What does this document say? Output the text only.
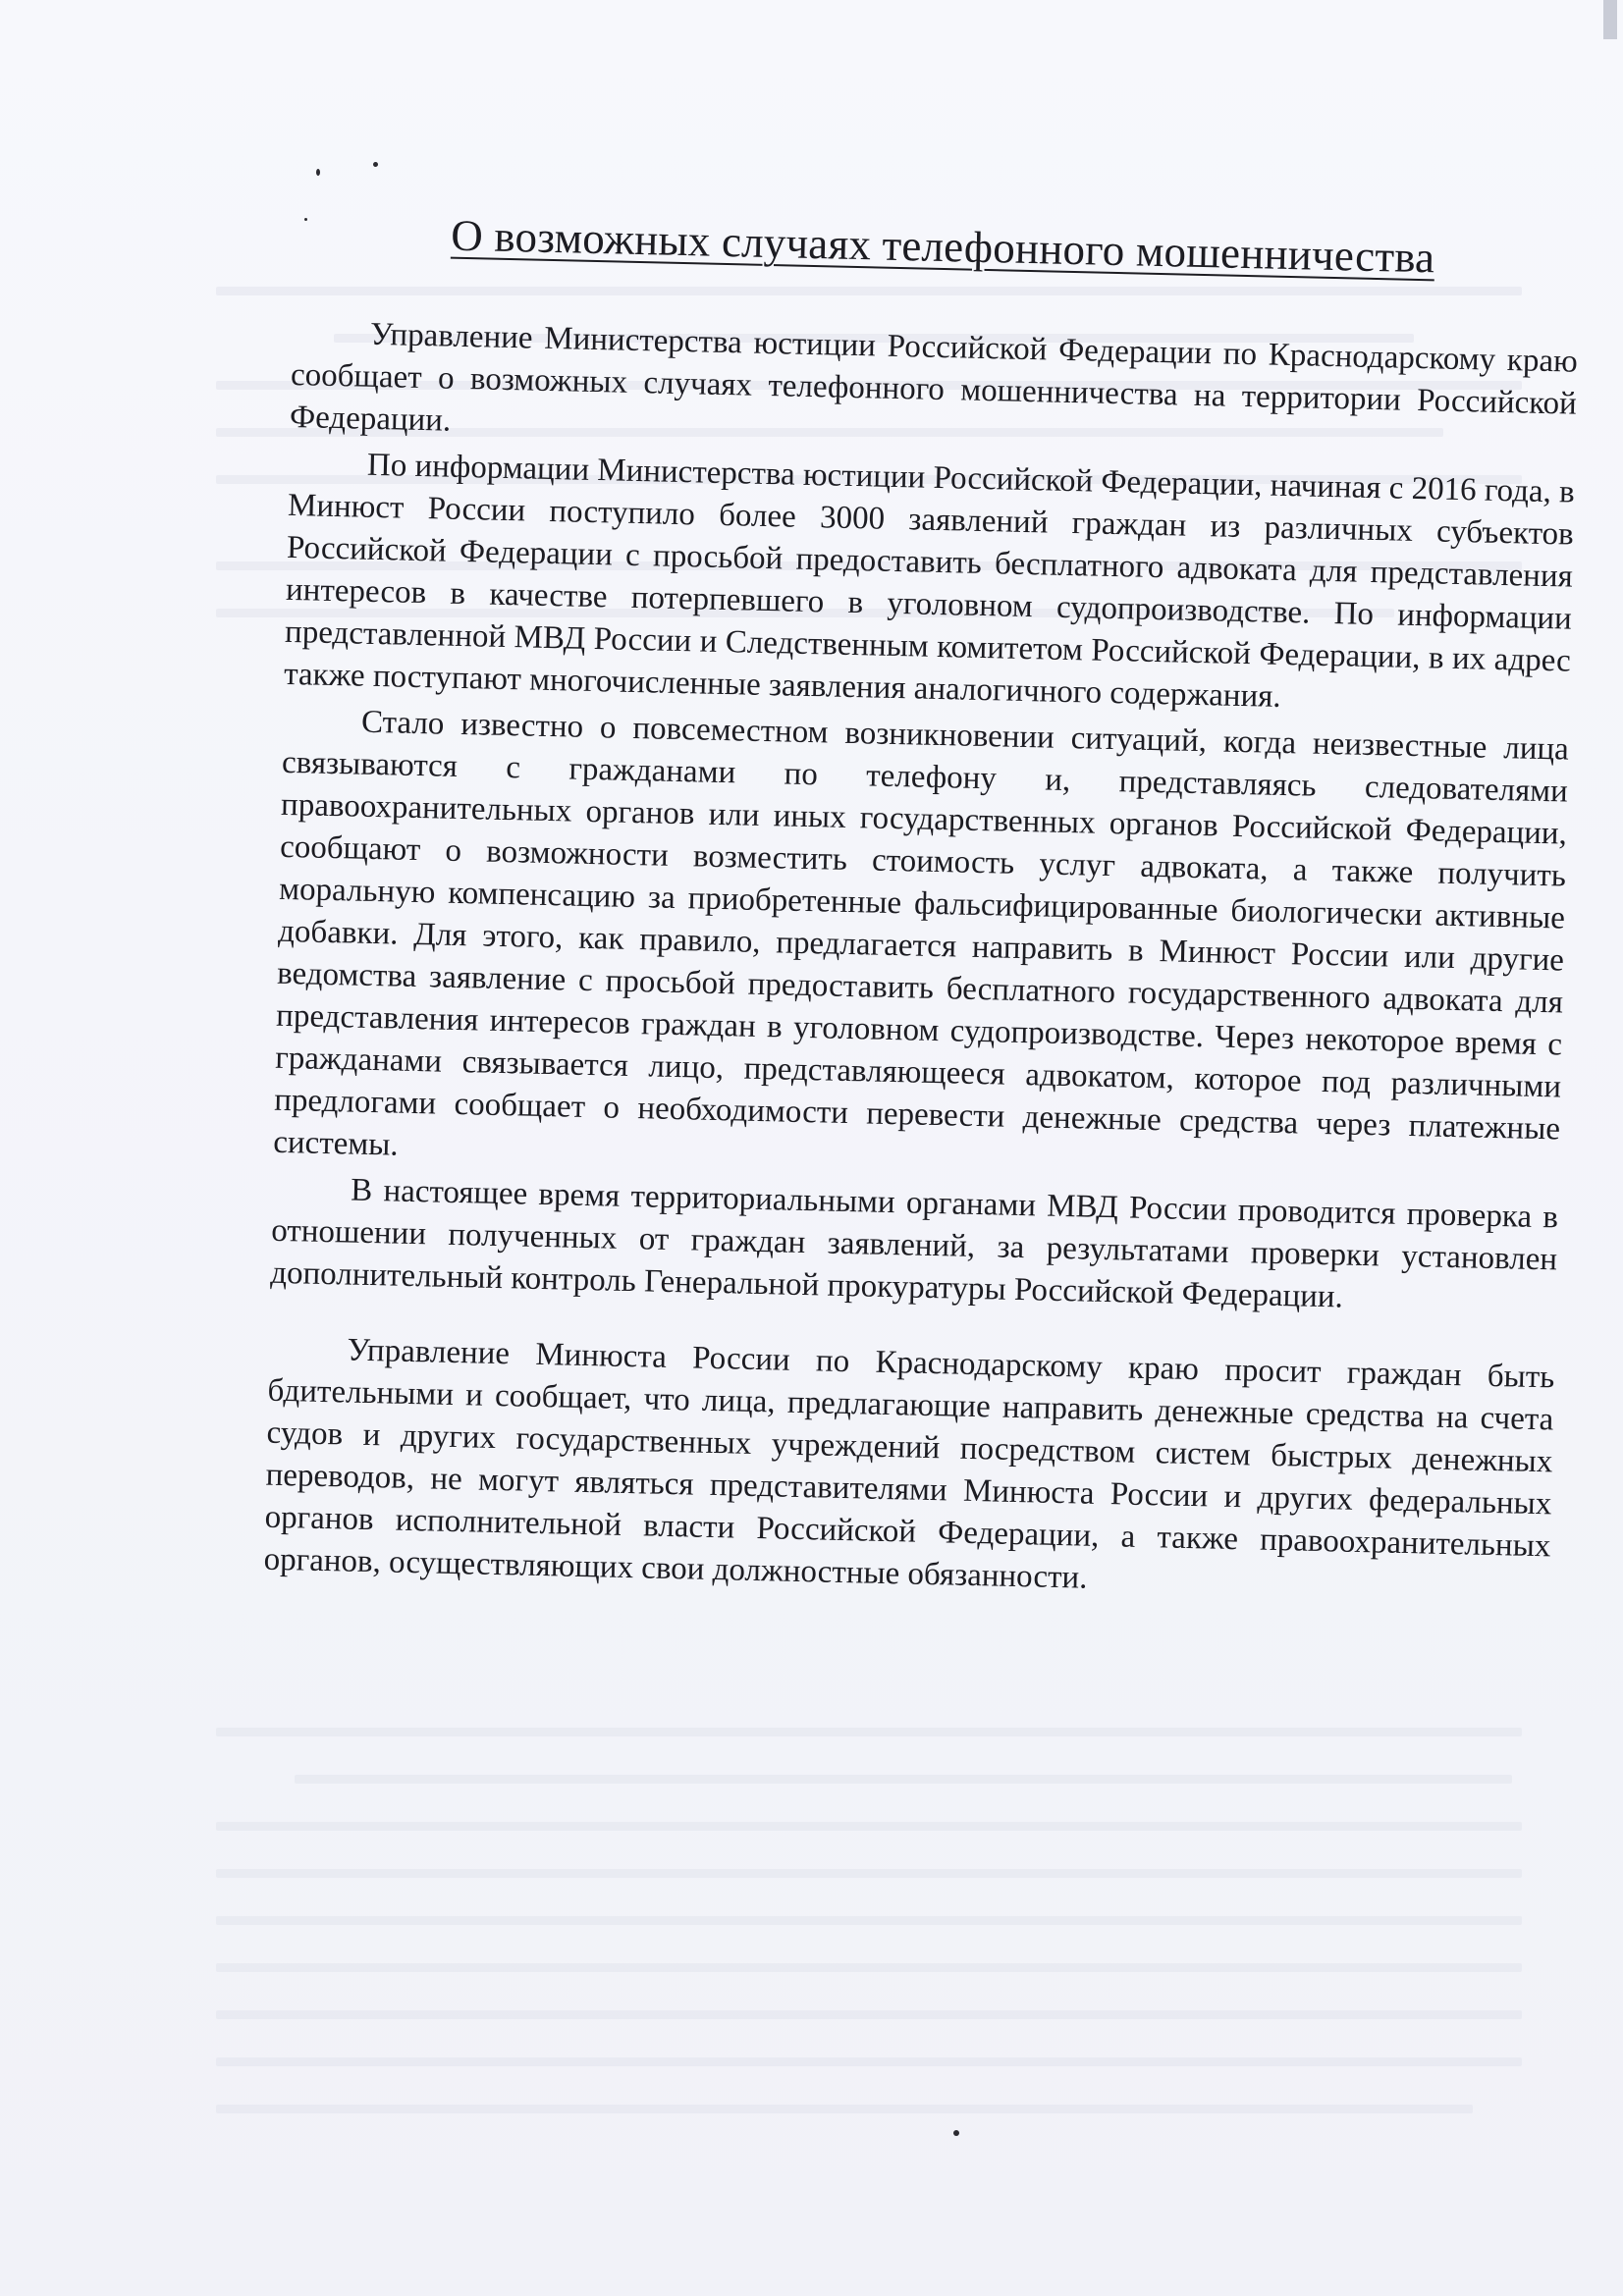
О возможных случаях телефонного мошенничества

Управление Министерства юстиции Российской Федерации по Краснодарскому краю сообщает о возможных случаях телефонного мошенничества на территории Российской Федерации.

По информации Министерства юстиции Российской Федерации, начиная с 2016 года, в Минюст России поступило более 3000 заявлений граждан из различных субъектов Российской Федерации с просьбой предоставить бесплатного адвоката для представления интересов в качестве потерпевшего в уголовном судопроизводстве. По информации представленной МВД России и Следственным комитетом Российской Федерации, в их адрес также поступают многочисленные заявления аналогичного содержания.

Стало известно о повсеместном возникновении ситуаций, когда неизвестные лица связываются с гражданами по телефону и, представляясь следователями правоохранительных органов или иных государственных органов Российской Федерации, сообщают о возможности возместить стоимость услуг адвоката, а также получить моральную компенсацию за приобретенные фальсифицированные биологически активные добавки. Для этого, как правило, предлагается направить в Минюст России или другие ведомства заявление с просьбой предоставить бесплатного государственного адвоката для представления интересов граждан в уголовном судопроизводстве. Через некоторое время с гражданами связывается лицо, представляющееся адвокатом, которое под различными предлогами сообщает о необходимости перевести денежные средства через платежные системы.

В настоящее время территориальными органами МВД России проводится проверка в отношении полученных от граждан заявлений, за результатами проверки установлен дополнительный контроль Генеральной прокуратуры Российской Федерации.

Управление Минюста России по Краснодарскому краю просит граждан быть бдительными и сообщает, что лица, предлагающие направить денежные средства на счета судов и других государственных учреждений посредством систем быстрых денежных переводов, не могут являться представителями Минюста России и других федеральных органов исполнительной власти Российской Федерации, а также правоохранительных органов, осуществляющих свои должностные обязанности.
